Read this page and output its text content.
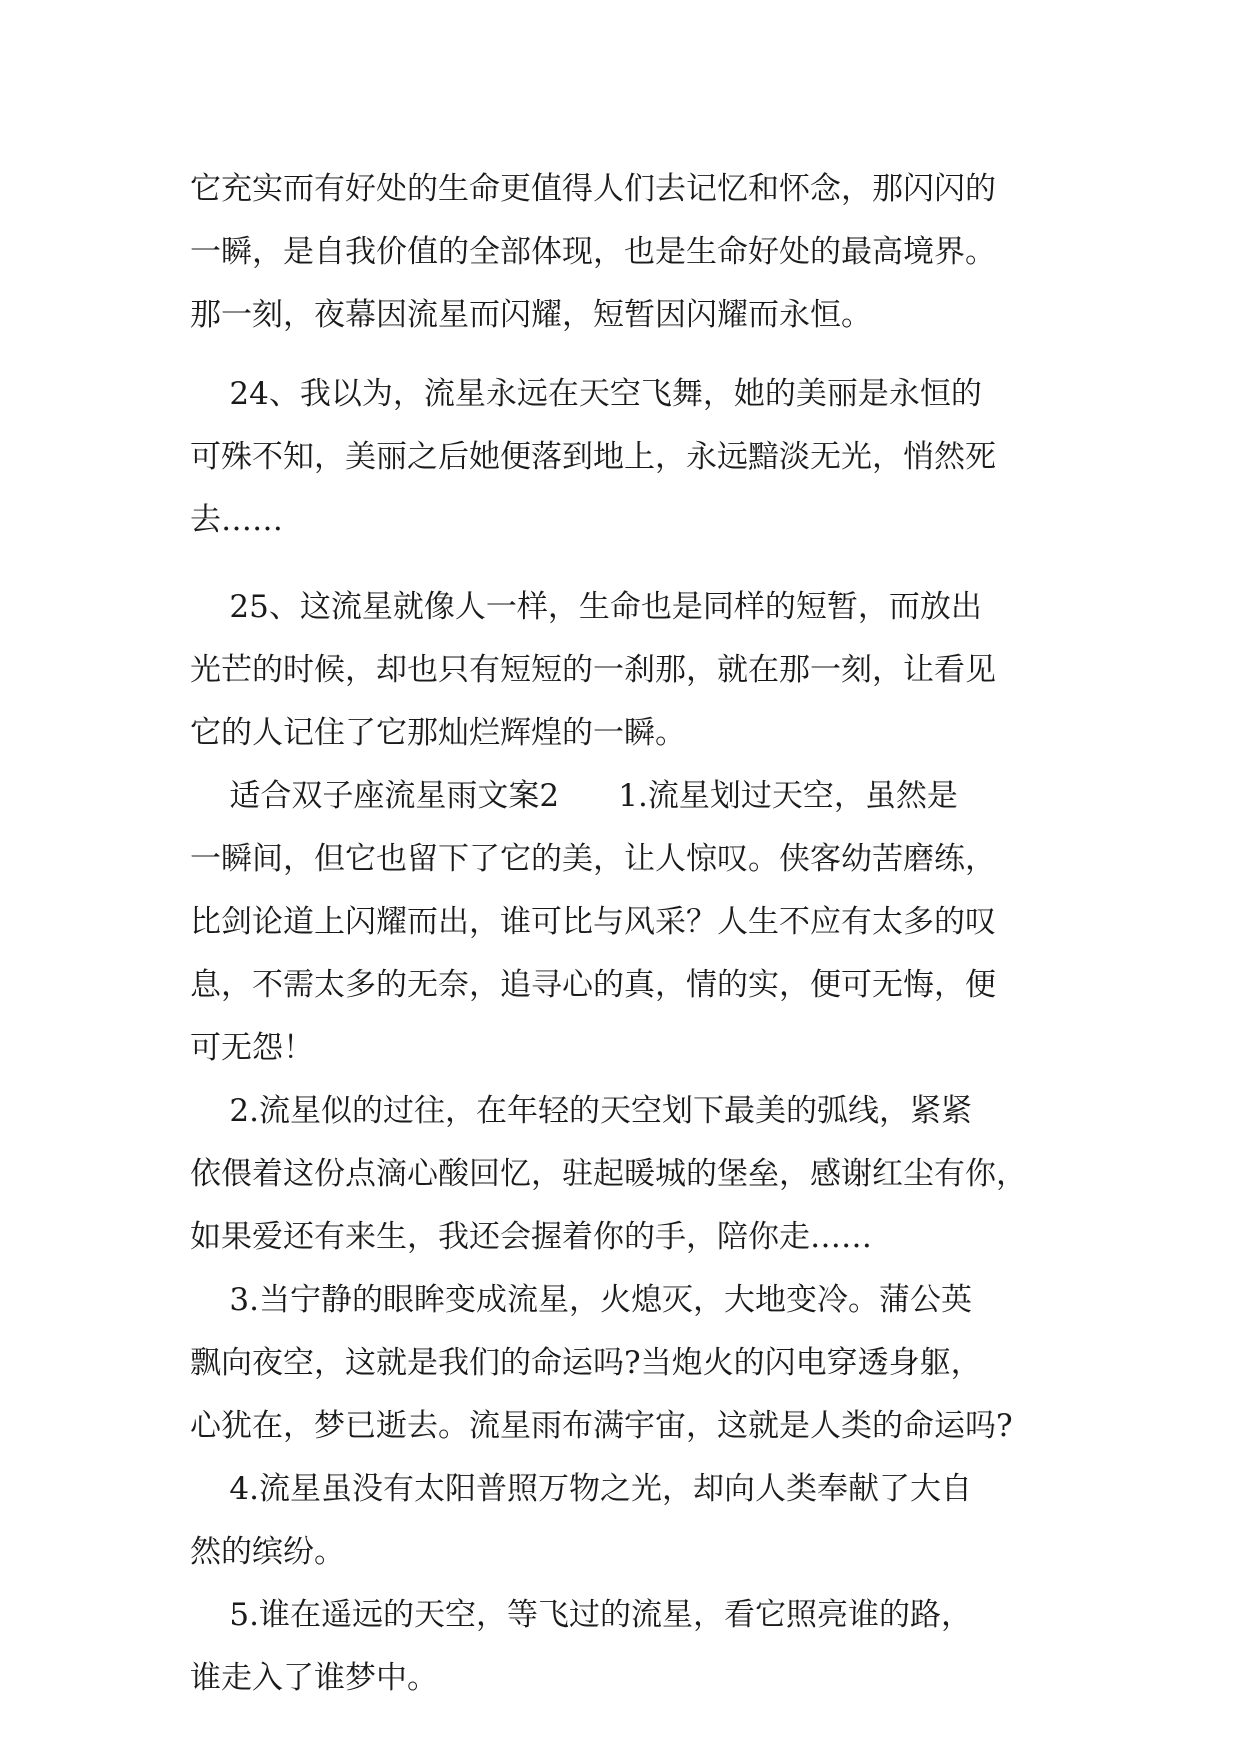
它充实而有好处的生命更值得人们去记忆和怀念，那闪闪的
一瞬，是自我价值的全部体现，也是生命好处的最高境界。
那一刻，夜幕因流星而闪耀，短暂因闪耀而永恒。
24、我以为，流星永远在天空飞舞，她的美丽是永恒的
可殊不知，美丽之后她便落到地上，永远黯淡无光，悄然死
去……
25、这流星就像人一样，生命也是同样的短暂，而放出
光芒的时候，却也只有短短的一刹那，就在那一刻，让看见
它的人记住了它那灿烂辉煌的一瞬。
适合双子座流星雨文案2      1.流星划过天空，虽然是
一瞬间，但它也留下了它的美，让人惊叹。侠客幼苦磨练，
比剑论道上闪耀而出，谁可比与风采？人生不应有太多的叹
息，不需太多的无奈，追寻心的真，情的实，便可无悔，便
可无怨！
2.流星似的过往，在年轻的天空划下最美的弧线，紧紧
依偎着这份点滴心酸回忆，驻起暖城的堡垒，感谢红尘有你，
如果爱还有来生，我还会握着你的手，陪你走……
3.当宁静的眼眸变成流星，火熄灭，大地变冷。蒲公英
飘向夜空，这就是我们的命运吗?当炮火的闪电穿透身躯，
心犹在，梦已逝去。流星雨布满宇宙，这就是人类的命运吗?
4.流星虽没有太阳普照万物之光，却向人类奉献了大自
然的缤纷。
5.谁在遥远的天空，等飞过的流星，看它照亮谁的路，
谁走入了谁梦中。
